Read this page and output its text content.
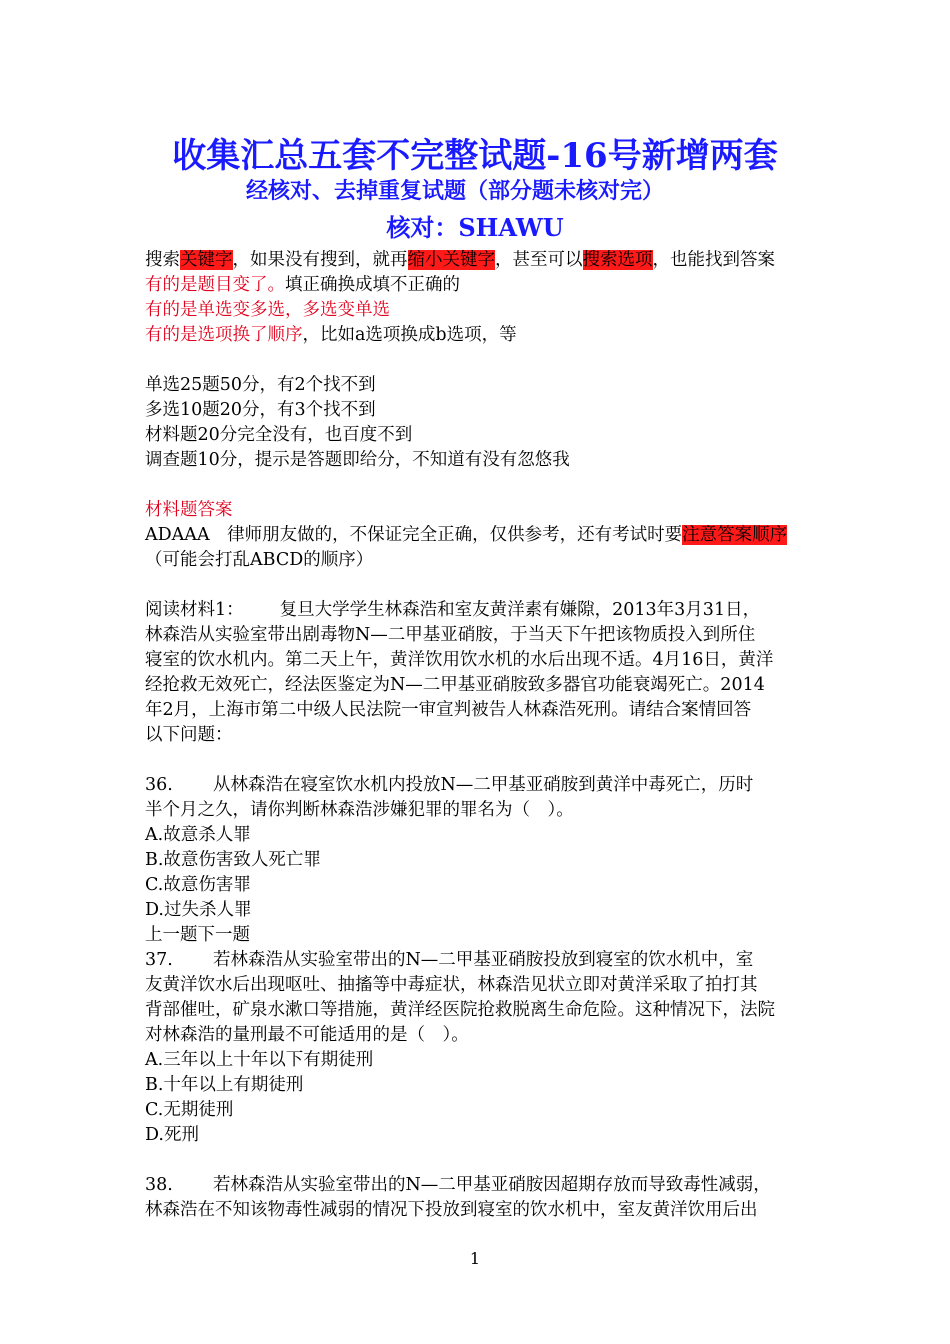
收集汇总五套不完整试题-16号新增两套
经核对、去掉重复试题（部分题未核对完）
核对：SHAWU
搜索关键字，如果没有搜到，就再缩小关键字，甚至可以搜索选项，也能找到答案
有的是题目变了。填正确换成填不正确的
有的是单选变多选，多选变单选
有的是选项换了顺序，比如a选项换成b选项，等
单选25题50分，有2个找不到
多选10题20分，有3个找不到
材料题20分完全没有，也百度不到
调查题10分，提示是答题即给分，不知道有没有忽悠我
材料题答案
ADAAA　律师朋友做的，不保证完全正确，仅供参考，还有考试时要注意答案顺序
（可能会打乱ABCD的顺序）
阅读材料1： 复旦大学学生林森浩和室友黄洋素有嫌隙，2013年3月31日，
林森浩从实验室带出剧毒物N—二甲基亚硝胺，于当天下午把该物质投入到所住
寝室的饮水机内。第二天上午，黄洋饮用饮水机的水后出现不适。4月16日，黄洋
经抢救无效死亡，经法医鉴定为N—二甲基亚硝胺致多器官功能衰竭死亡。2014
年2月，上海市第二中级人民法院一审宣判被告人林森浩死刑。请结合案情回答
以下问题：
36. 从林森浩在寝室饮水机内投放N—二甲基亚硝胺到黄洋中毒死亡，历时
半个月之久，请你判断林森浩涉嫌犯罪的罪名为（　）。
A.故意杀人罪
B.故意伤害致人死亡罪
C.故意伤害罪
D.过失杀人罪
上一题下一题
37. 若林森浩从实验室带出的N—二甲基亚硝胺投放到寝室的饮水机中，室
友黄洋饮水后出现呕吐、抽搐等中毒症状，林森浩见状立即对黄洋采取了拍打其
背部催吐，矿泉水漱口等措施，黄洋经医院抢救脱离生命危险。这种情况下，法院
对林森浩的量刑最不可能适用的是（　）。
A.三年以上十年以下有期徒刑
B.十年以上有期徒刑
C.无期徒刑
D.死刑
38. 若林森浩从实验室带出的N—二甲基亚硝胺因超期存放而导致毒性减弱，
林森浩在不知该物毒性减弱的情况下投放到寝室的饮水机中，室友黄洋饮用后出
1
